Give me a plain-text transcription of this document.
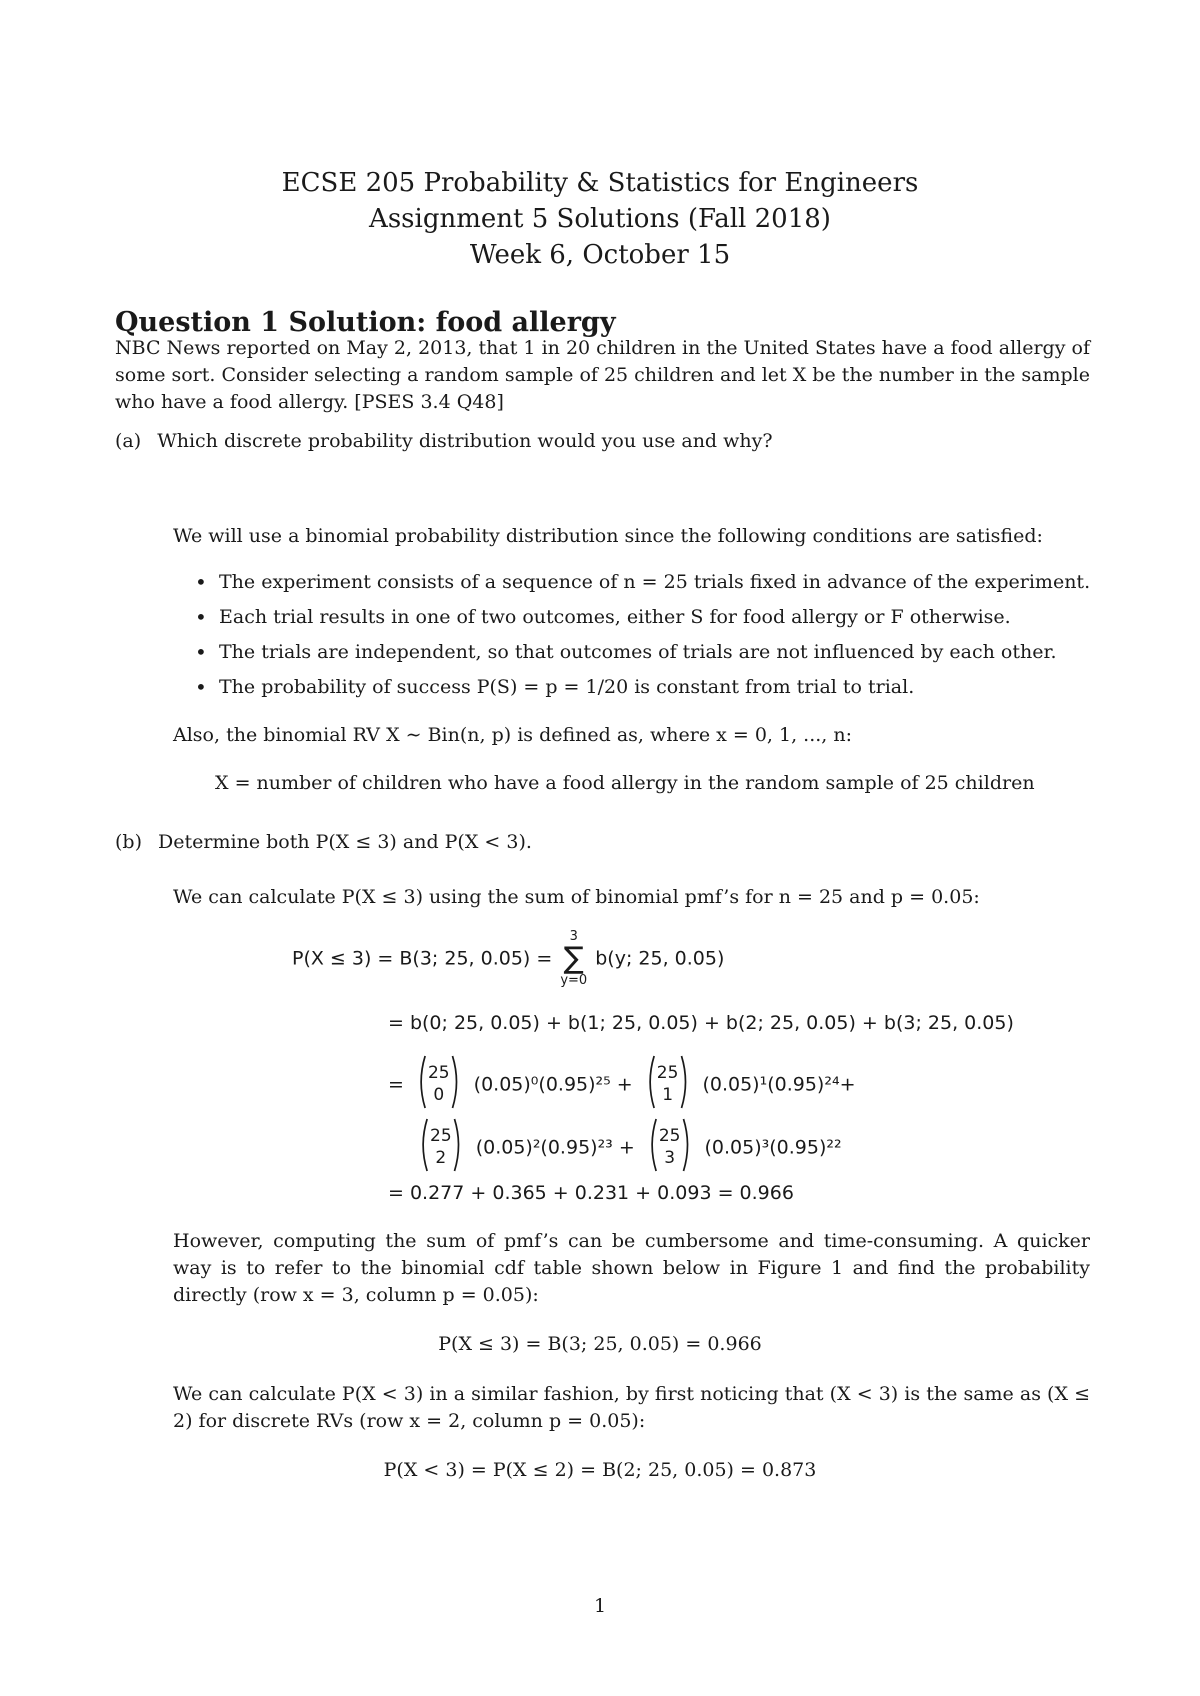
ECSE 205 Probability & Statistics for Engineers
Assignment 5 Solutions (Fall 2018)
Week 6, October 15
Question 1 Solution: food allergy
NBC News reported on May 2, 2013, that 1 in 20 children in the United States have a food allergy of some sort. Consider selecting a random sample of 25 children and let X be the number in the sample who have a food allergy. [PSES 3.4 Q48]
(a) Which discrete probability distribution would you use and why?
We will use a binomial probability distribution since the following conditions are satisfied:
• The experiment consists of a sequence of n = 25 trials fixed in advance of the experiment.
• Each trial results in one of two outcomes, either S for food allergy or F otherwise.
• The trials are independent, so that outcomes of trials are not influenced by each other.
• The probability of success P(S) = p = 1/20 is constant from trial to trial.
Also, the binomial RV X ∼ Bin(n, p) is defined as, where x = 0, 1, ..., n:
X = number of children who have a food allergy in the random sample of 25 children
(b) Determine both P(X ≤ 3) and P(X < 3).
We can calculate P(X ≤ 3) using the sum of binomial pmf’s for n = 25 and p = 0.05:
P(X ≤ 3) = B(3; 25, 0.05) =
3
∑
y=0
b(y; 25, 0.05)
= b(0; 25, 0.05) + b(1; 25, 0.05) + b(2; 25, 0.05) + b(3; 25, 0.05)
=
25
0 (0.05)⁰(0.95)²⁵ +
25
1 (0.05)¹(0.95)²⁴+
25
2 (0.05)²(0.95)²³ +
25
3 (0.05)³(0.95)²²
= 0.277 + 0.365 + 0.231 + 0.093 = 0.966
However, computing the sum of pmf’s can be cumbersome and time-consuming. A quicker way is to refer to the binomial cdf table shown below in Figure 1 and find the probability directly (row x = 3, column p = 0.05):
P(X ≤ 3) = B(3; 25, 0.05) = 0.966
We can calculate P(X < 3) in a similar fashion, by first noticing that (X < 3) is the same as (X ≤ 2) for discrete RVs (row x = 2, column p = 0.05):
P(X < 3) = P(X ≤ 2) = B(2; 25, 0.05) = 0.873
1
